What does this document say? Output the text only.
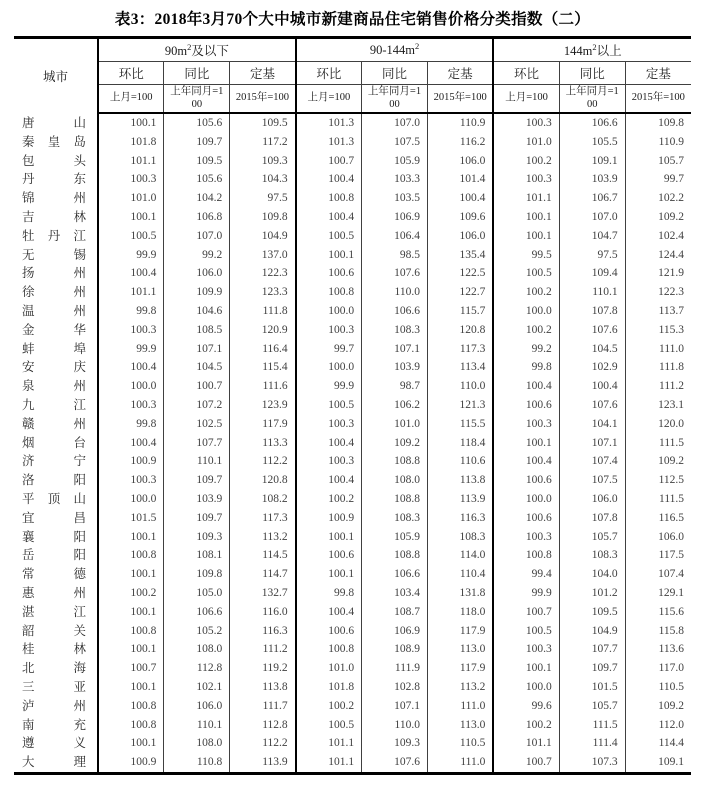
表3：2018年3月70个大中城市新建商品住宅销售价格分类指数（二）
城市	$90m^2$及以下			$90-144m^2$			$144m^2$以上		
	环比	同比	定基	环比	同比	定基	环比	同比	定基
	上月=100	上年同月=100	2015年=100	上月=100	上年同月=100	2015年=100	上月=100	上年同月=100	2015年=100

唐 山	100.1	105.6	109.5	101.3	107.0	110.9	100.3	106.6	109.8

秦 皇 岛	101.8	109.7	117.2	101.3	107.5	116.2	101.0	105.5	110.9

包 头	101.1	109.5	109.3	100.7	105.9	106.0	100.2	109.1	105.7

丹 东	100.3	105.6	104.3	100.4	103.3	101.4	100.3	103.9	99.7

锦 州	101.0	104.2	97.5	100.8	103.5	100.4	101.1	106.7	102.2

吉 林	100.1	106.8	109.8	100.4	106.9	109.6	100.1	107.0	109.2

牡 丹 江	100.5	107.0	104.9	100.5	106.4	106.0	100.1	104.7	102.4

无 锡	99.9	99.2	137.0	100.1	98.5	135.4	99.5	97.5	124.4

扬 州	100.4	106.0	122.3	100.6	107.6	122.5	100.5	109.4	121.9

徐 州	101.1	109.9	123.3	100.8	110.0	122.7	100.2	110.1	122.3

温 州	99.8	104.6	111.8	100.0	106.6	115.7	100.0	107.8	113.7

金 华	100.3	108.5	120.9	100.3	108.3	120.8	100.2	107.6	115.3

蚌 埠	99.9	107.1	116.4	99.7	107.1	117.3	99.2	104.5	111.0

安 庆	100.4	104.5	115.4	100.0	103.9	113.4	99.8	102.9	111.8

泉 州	100.0	100.7	111.6	99.9	98.7	110.0	100.4	100.4	111.2

九 江	100.3	107.2	123.9	100.5	106.2	121.3	100.6	107.6	123.1

赣 州	99.8	102.5	117.9	100.3	101.0	115.5	100.3	104.1	120.0

烟 台	100.4	107.7	113.3	100.4	109.2	118.4	100.1	107.1	111.5

济 宁	100.9	110.1	112.2	100.3	108.8	110.6	100.4	107.4	109.2

洛 阳	100.3	109.7	120.8	100.4	108.0	113.8	100.6	107.5	112.5

平 顶 山	100.0	103.9	108.2	100.2	108.8	113.9	100.0	106.0	111.5

宜 昌	101.5	109.7	117.3	100.9	108.3	116.3	100.6	107.8	116.5

襄 阳	100.1	109.3	113.2	100.1	105.9	108.3	100.3	105.7	106.0

岳 阳	100.8	108.1	114.5	100.6	108.8	114.0	100.8	108.3	117.5

常 德	100.1	109.8	114.7	100.1	106.6	110.4	99.4	104.0	107.4

惠 州	100.2	105.0	132.7	99.8	103.4	131.8	99.9	101.2	129.1

湛 江	100.1	106.6	116.0	100.4	108.7	118.0	100.7	109.5	115.6

韶 关	100.8	105.2	116.3	100.6	106.9	117.9	100.5	104.9	115.8

桂 林	100.1	108.0	111.2	100.8	108.9	113.0	100.3	107.7	113.6

北 海	100.7	112.8	119.2	101.0	111.9	117.9	100.1	109.7	117.0

三 亚	100.1	102.1	113.8	101.8	102.8	113.2	100.0	101.5	110.5

泸 州	100.8	106.0	111.7	100.2	107.1	111.0	99.6	105.7	109.2

南 充	100.8	110.1	112.8	100.5	110.0	113.0	100.2	111.5	112.0

遵 义	100.1	108.0	112.2	101.1	109.3	110.5	101.1	111.4	114.4

大 理	100.9	110.8	113.9	101.1	107.6	111.0	100.7	107.3	109.1
